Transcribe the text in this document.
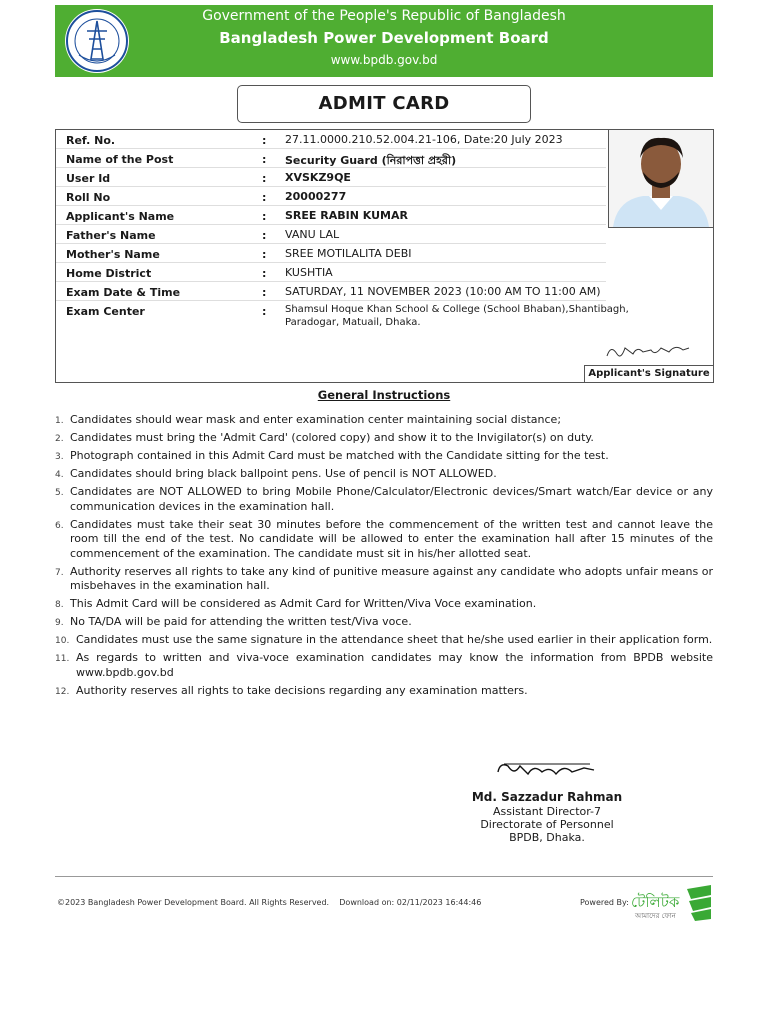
Government of the People's Republic of Bangladesh
Bangladesh Power Development Board
www.bpdb.gov.bd
ADMIT CARD
Ref. No.	: 27.11.0000.210.52.004.21-106, Date:20 July 2023
Name of the Post	: Security Guard (নিরাপত্তা প্রহরী)
User Id	: XVSKZ9QE
Roll No	: 20000277
Applicant's Name	: SREE RABIN KUMAR
Father's Name	: VANU LAL
Mother's Name	: SREE MOTILALITA DEBI
Home District	: KUSHTIA
Exam Date & Time	: SATURDAY, 11 NOVEMBER 2023 (10:00 AM TO 11:00 AM)
Exam Center	: Shamsul Hoque Khan School & College (School Bhaban),Shantibagh, Paradogar, Matuail, Dhaka.
Applicant's Signature
General Instructions
1. Candidates should wear mask and enter examination center maintaining social distance;
2. Candidates must bring the 'Admit Card' (colored copy) and show it to the Invigilator(s) on duty.
3. Photograph contained in this Admit Card must be matched with the Candidate sitting for the test.
4. Candidates should bring black ballpoint pens. Use of pencil is NOT ALLOWED.
5. Candidates are NOT ALLOWED to bring Mobile Phone/Calculator/Electronic devices/Smart watch/Ear device or any communication devices in the examination hall.
6. Candidates must take their seat 30 minutes before the commencement of the written test and cannot leave the room till the end of the test. No candidate will be allowed to enter the examination hall after 15 minutes of the commencement of the examination. The candidate must sit in his/her allotted seat.
7. Authority reserves all rights to take any kind of punitive measure against any candidate who adopts unfair means or misbehaves in the examination hall.
8. This Admit Card will be considered as Admit Card for Written/Viva Voce examination.
9. No TA/DA will be paid for attending the written test/Viva voce.
10. Candidates must use the same signature in the attendance sheet that he/she used earlier in their application form.
11. As regards to written and viva-voce examination candidates may know the information from BPDB website www.bpdb.gov.bd
12. Authority reserves all rights to take decisions regarding any examination matters.
Md. Sazzadur Rahman
Assistant Director-7
Directorate of Personnel
BPDB, Dhaka.
©2023 Bangladesh Power Development Board. All Rights Reserved. Download on: 02/11/2023 16:44:46	Powered By: টেলিটক
আমাদের ফোন
